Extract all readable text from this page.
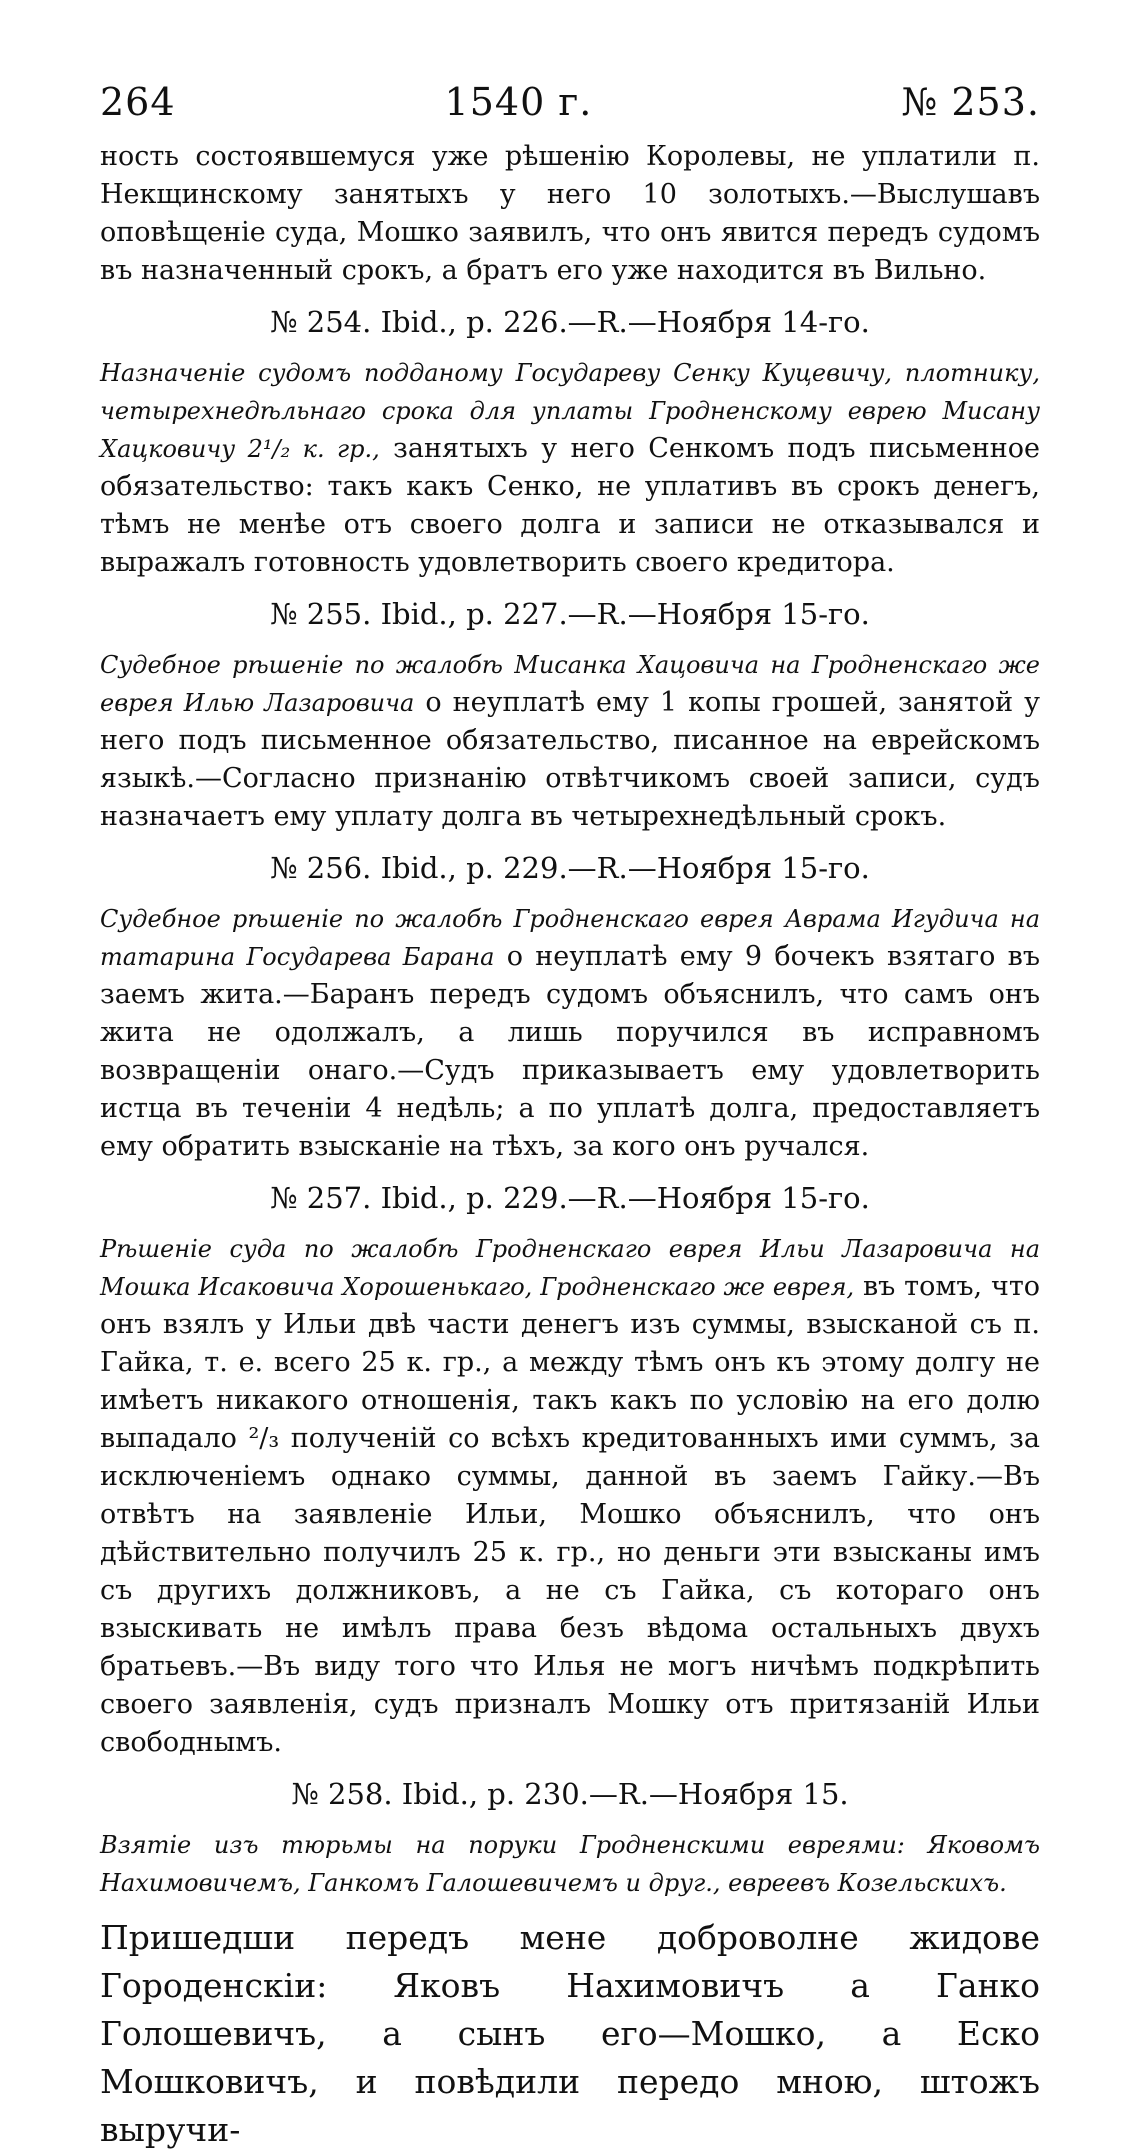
264	1540 г.	№ 253.

ность состоявшемуся уже рѣшенію Королевы, не уплатили п. Некщинскому занятыхъ у него 10 золотыхъ.—Выслушавъ оповѣщеніе суда, Мошко заявилъ, что онъ явится передъ судомъ въ назначенный срокъ, а братъ его уже находится въ Вильно.

№ 254. Ibid., р. 226.—R.—Ноября 14-го.
Назначеніе судомъ подданому Государеву Сенку Куцевичу, плотнику, четырехнедѣльнаго срока для уплаты Гродненскому еврею Мисану Хацковичу 2¹/₂ к. гр., занятыхъ у него Сенкомъ подъ письменное обязательство: такъ какъ Сенко, не уплативъ въ срокъ денегъ, тѣмъ не менѣе отъ своего долга и записи не отказывался и выражалъ готовность удовлетворить своего кредитора.
№ 255. Ibid., р. 227.—R.—Ноября 15-го.
Судебное рѣшеніе по жалобѣ Мисанка Хацовича на Гродненскаго же еврея Илью Лазаровича о неуплатѣ ему 1 копы грошей, занятой у него подъ письменное обязательство, писанное на еврейскомъ языкѣ.—Согласно признанію отвѣтчикомъ своей записи, судъ назначаетъ ему уплату долга въ четырехнедѣльный срокъ.
№ 256. Ibid., р. 229.—R.—Ноября 15-го.
Судебное рѣшеніе по жалобѣ Гродненскаго еврея Аврама Игудича на татарина Государева Барана о неуплатѣ ему 9 бочекъ взятаго въ заемъ жита.—Баранъ передъ судомъ объяснилъ, что самъ онъ жита не одолжалъ, а лишь поручился въ исправномъ возвращеніи онаго.—Судъ приказываетъ ему удовлетворить истца въ теченіи 4 недѣль; а по уплатѣ долга, предоставляетъ ему обратить взысканіе на тѣхъ, за кого онъ ручался.
№ 257. Ibid., р. 229.—R.—Ноября 15-го.
Рѣшеніе суда по жалобѣ Гродненскаго еврея Ильи Лазаровича на Мошка Исаковича Хорошенькаго, Гродненскаго же еврея, въ томъ, что онъ взялъ у Ильи двѣ части денегъ изъ суммы, взысканой съ п. Гайка, т. е. всего 25 к. гр., а между тѣмъ онъ къ этому долгу не имѣетъ никакого отношенія, такъ какъ по условію на его долю выпадало ²/₃ полученій со всѣхъ кредитованныхъ ими суммъ, за исключеніемъ однако суммы, данной въ заемъ Гайку.—Въ отвѣтъ на заявленіе Ильи, Мошко объяснилъ, что онъ дѣйствительно получилъ 25 к. гр., но деньги эти взысканы имъ съ другихъ должниковъ, а не съ Гайка, съ котораго онъ взыскивать не имѣлъ права безъ вѣдома остальныхъ двухъ братьевъ.—Въ виду того что Илья не могъ ничѣмъ подкрѣпить своего заявленія, судъ призналъ Мошку отъ притязаній Ильи свободнымъ.
№ 258. Ibid., р. 230.—R.—Ноября 15.
Взятіе изъ тюрьмы на поруки Гродненскими евреями: Яковомъ Нахимовичемъ, Ганкомъ Галошевичемъ и друг., евреевъ Козельскихъ.

Пришедши передъ мене доброволне жидове Городенскіи: Яковъ Нахимовичъ а Ганко Голошевичъ, а сынъ его—Мошко, а Еско Мошковичъ, и повѣдили передо мною, штожъ выручи-
